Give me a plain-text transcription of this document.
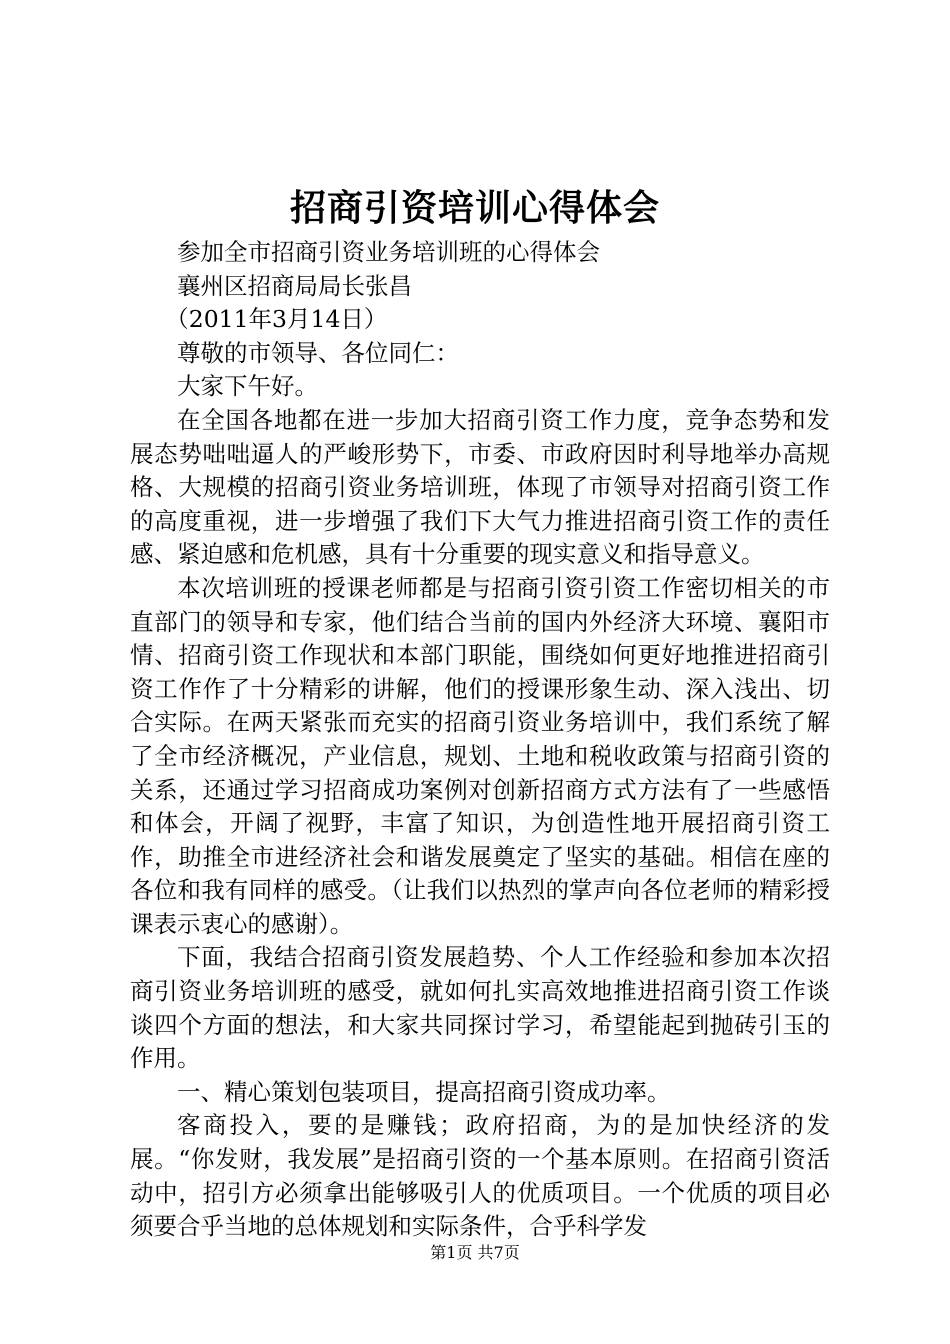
招商引资培训心得体会

参加全市招商引资业务培训班的心得体会

襄州区招商局局长张昌

（2011年3月14日）

尊敬的市领导、各位同仁：

大家下午好。

在全国各地都在进一步加大招商引资工作力度，竞争态势和发展态势咄咄逼人的严峻形势下，市委、市政府因时利导地举办高规格、大规模的招商引资业务培训班，体现了市领导对招商引资工作的高度重视，进一步增强了我们下大气力推进招商引资工作的责任感、紧迫感和危机感，具有十分重要的现实意义和指导意义。

本次培训班的授课老师都是与招商引资引资工作密切相关的市直部门的领导和专家，他们结合当前的国内外经济大环境、襄阳市情、招商引资工作现状和本部门职能，围绕如何更好地推进招商引资工作作了十分精彩的讲解，他们的授课形象生动、深入浅出、切合实际。在两天紧张而充实的招商引资业务培训中，我们系统了解了全市经济概况，产业信息，规划、土地和税收政策与招商引资的关系，还通过学习招商成功案例对创新招商方式方法有了一些感悟和体会，开阔了视野，丰富了知识，为创造性地开展招商引资工作，助推全市进经济社会和谐发展奠定了坚实的基础。相信在座的各位和我有同样的感受。（让我们以热烈的掌声向各位老师的精彩授课表示衷心的感谢）。

下面，我结合招商引资发展趋势、个人工作经验和参加本次招商引资业务培训班的感受，就如何扎实高效地推进招商引资工作谈谈四个方面的想法，和大家共同探讨学习，希望能起到抛砖引玉的作用。

一、精心策划包装项目，提高招商引资成功率。

客商投入，要的是赚钱；政府招商，为的是加快经济的发展。“你发财，我发展”是招商引资的一个基本原则。在招商引资活动中，招引方必须拿出能够吸引人的优质项目。一个优质的项目必须要合乎当地的总体规划和实际条件，合乎科学发

第1页 共7页
